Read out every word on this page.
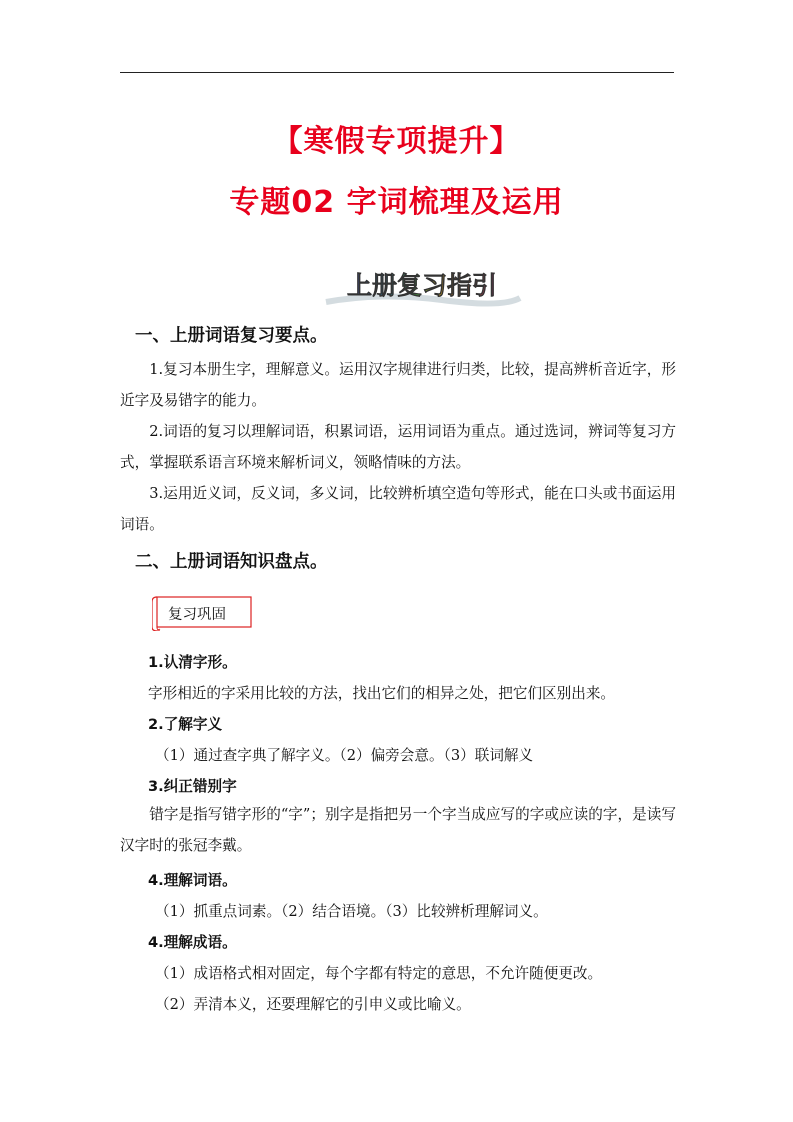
【寒假专项提升】
专题02 字词梳理及运用
上册复习指引
一、上册词语复习要点。
1.复习本册生字，理解意义。运用汉字规律进行归类，比较，提高辨析音近字，形近字及易错字的能力。
2.词语的复习以理解词语，积累词语，运用词语为重点。通过选词，辨词等复习方式，掌握联系语言环境来解析词义，领略情味的方法。
3.运用近义词，反义词，多义词，比较辨析填空造句等形式，能在口头或书面运用词语。
二、上册词语知识盘点。
复习巩固
1.认清字形。
字形相近的字采用比较的方法，找出它们的相异之处，把它们区别出来。
2.了解字义
（1）通过查字典了解字义。（2）偏旁会意。（3）联词解义
3.纠正错别字
错字是指写错字形的“字”；别字是指把另一个字当成应写的字或应读的字，是读写汉字时的张冠李戴。
4.理解词语。
（1）抓重点词素。（2）结合语境。（3）比较辨析理解词义。
4.理解成语。
（1）成语格式相对固定，每个字都有特定的意思，不允许随便更改。
（2）弄清本义，还要理解它的引申义或比喻义。
